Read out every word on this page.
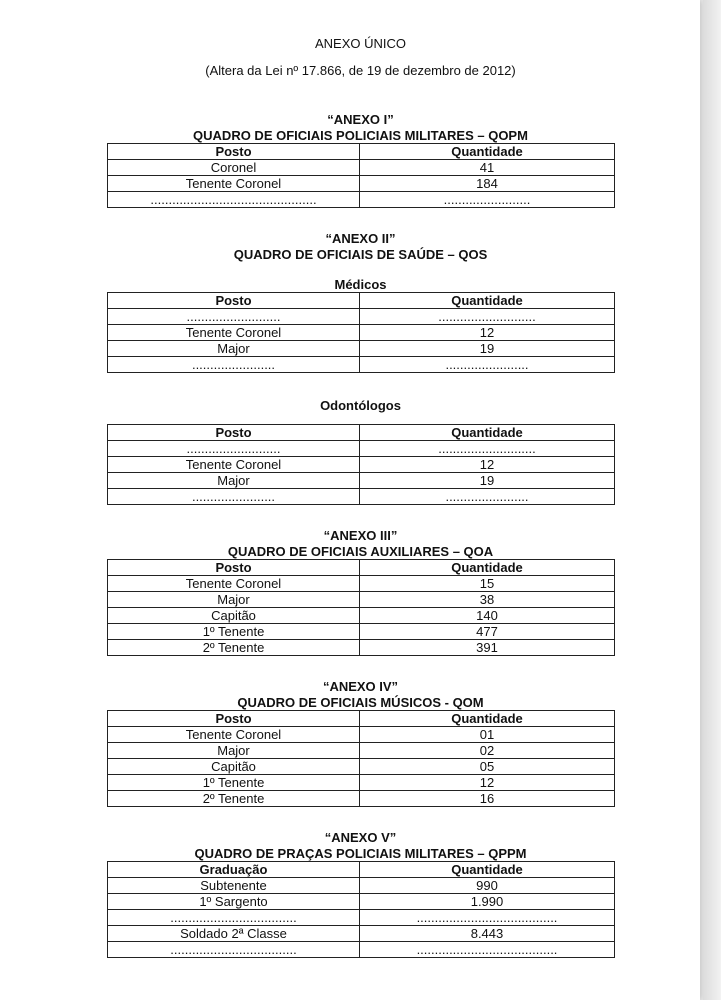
ANEXO ÚNICO
(Altera da Lei nº 17.866, de 19 de dezembro de 2012)
“ANEXO I”
QUADRO DE OFICIAIS POLICIAIS MILITARES – QOPM
Posto	Quantidade
Coronel	41
Tenente Coronel	184
..............................................	........................
“ANEXO II”
QUADRO DE OFICIAIS DE SAÚDE – QOS
Médicos
Posto	Quantidade
..........................	...........................
Tenente Coronel	12
Major	19
.......................	.......................
Odontólogos
Posto	Quantidade
..........................	...........................
Tenente Coronel	12
Major	19
.......................	.......................
“ANEXO III”
QUADRO DE OFICIAIS AUXILIARES – QOA
Posto	Quantidade
Tenente Coronel	15
Major	38
Capitão	140
1º Tenente	477
2º Tenente	391
“ANEXO IV”
QUADRO DE OFICIAIS MÚSICOS - QOM
Posto	Quantidade
Tenente Coronel	01
Major	02
Capitão	05
1º Tenente	12
2º Tenente	16
“ANEXO V”
QUADRO DE PRAÇAS POLICIAIS MILITARES – QPPM
Graduação	Quantidade
Subtenente	990
1º Sargento	1.990
...................................	.......................................
Soldado 2ª Classe	8.443
...................................	.......................................
